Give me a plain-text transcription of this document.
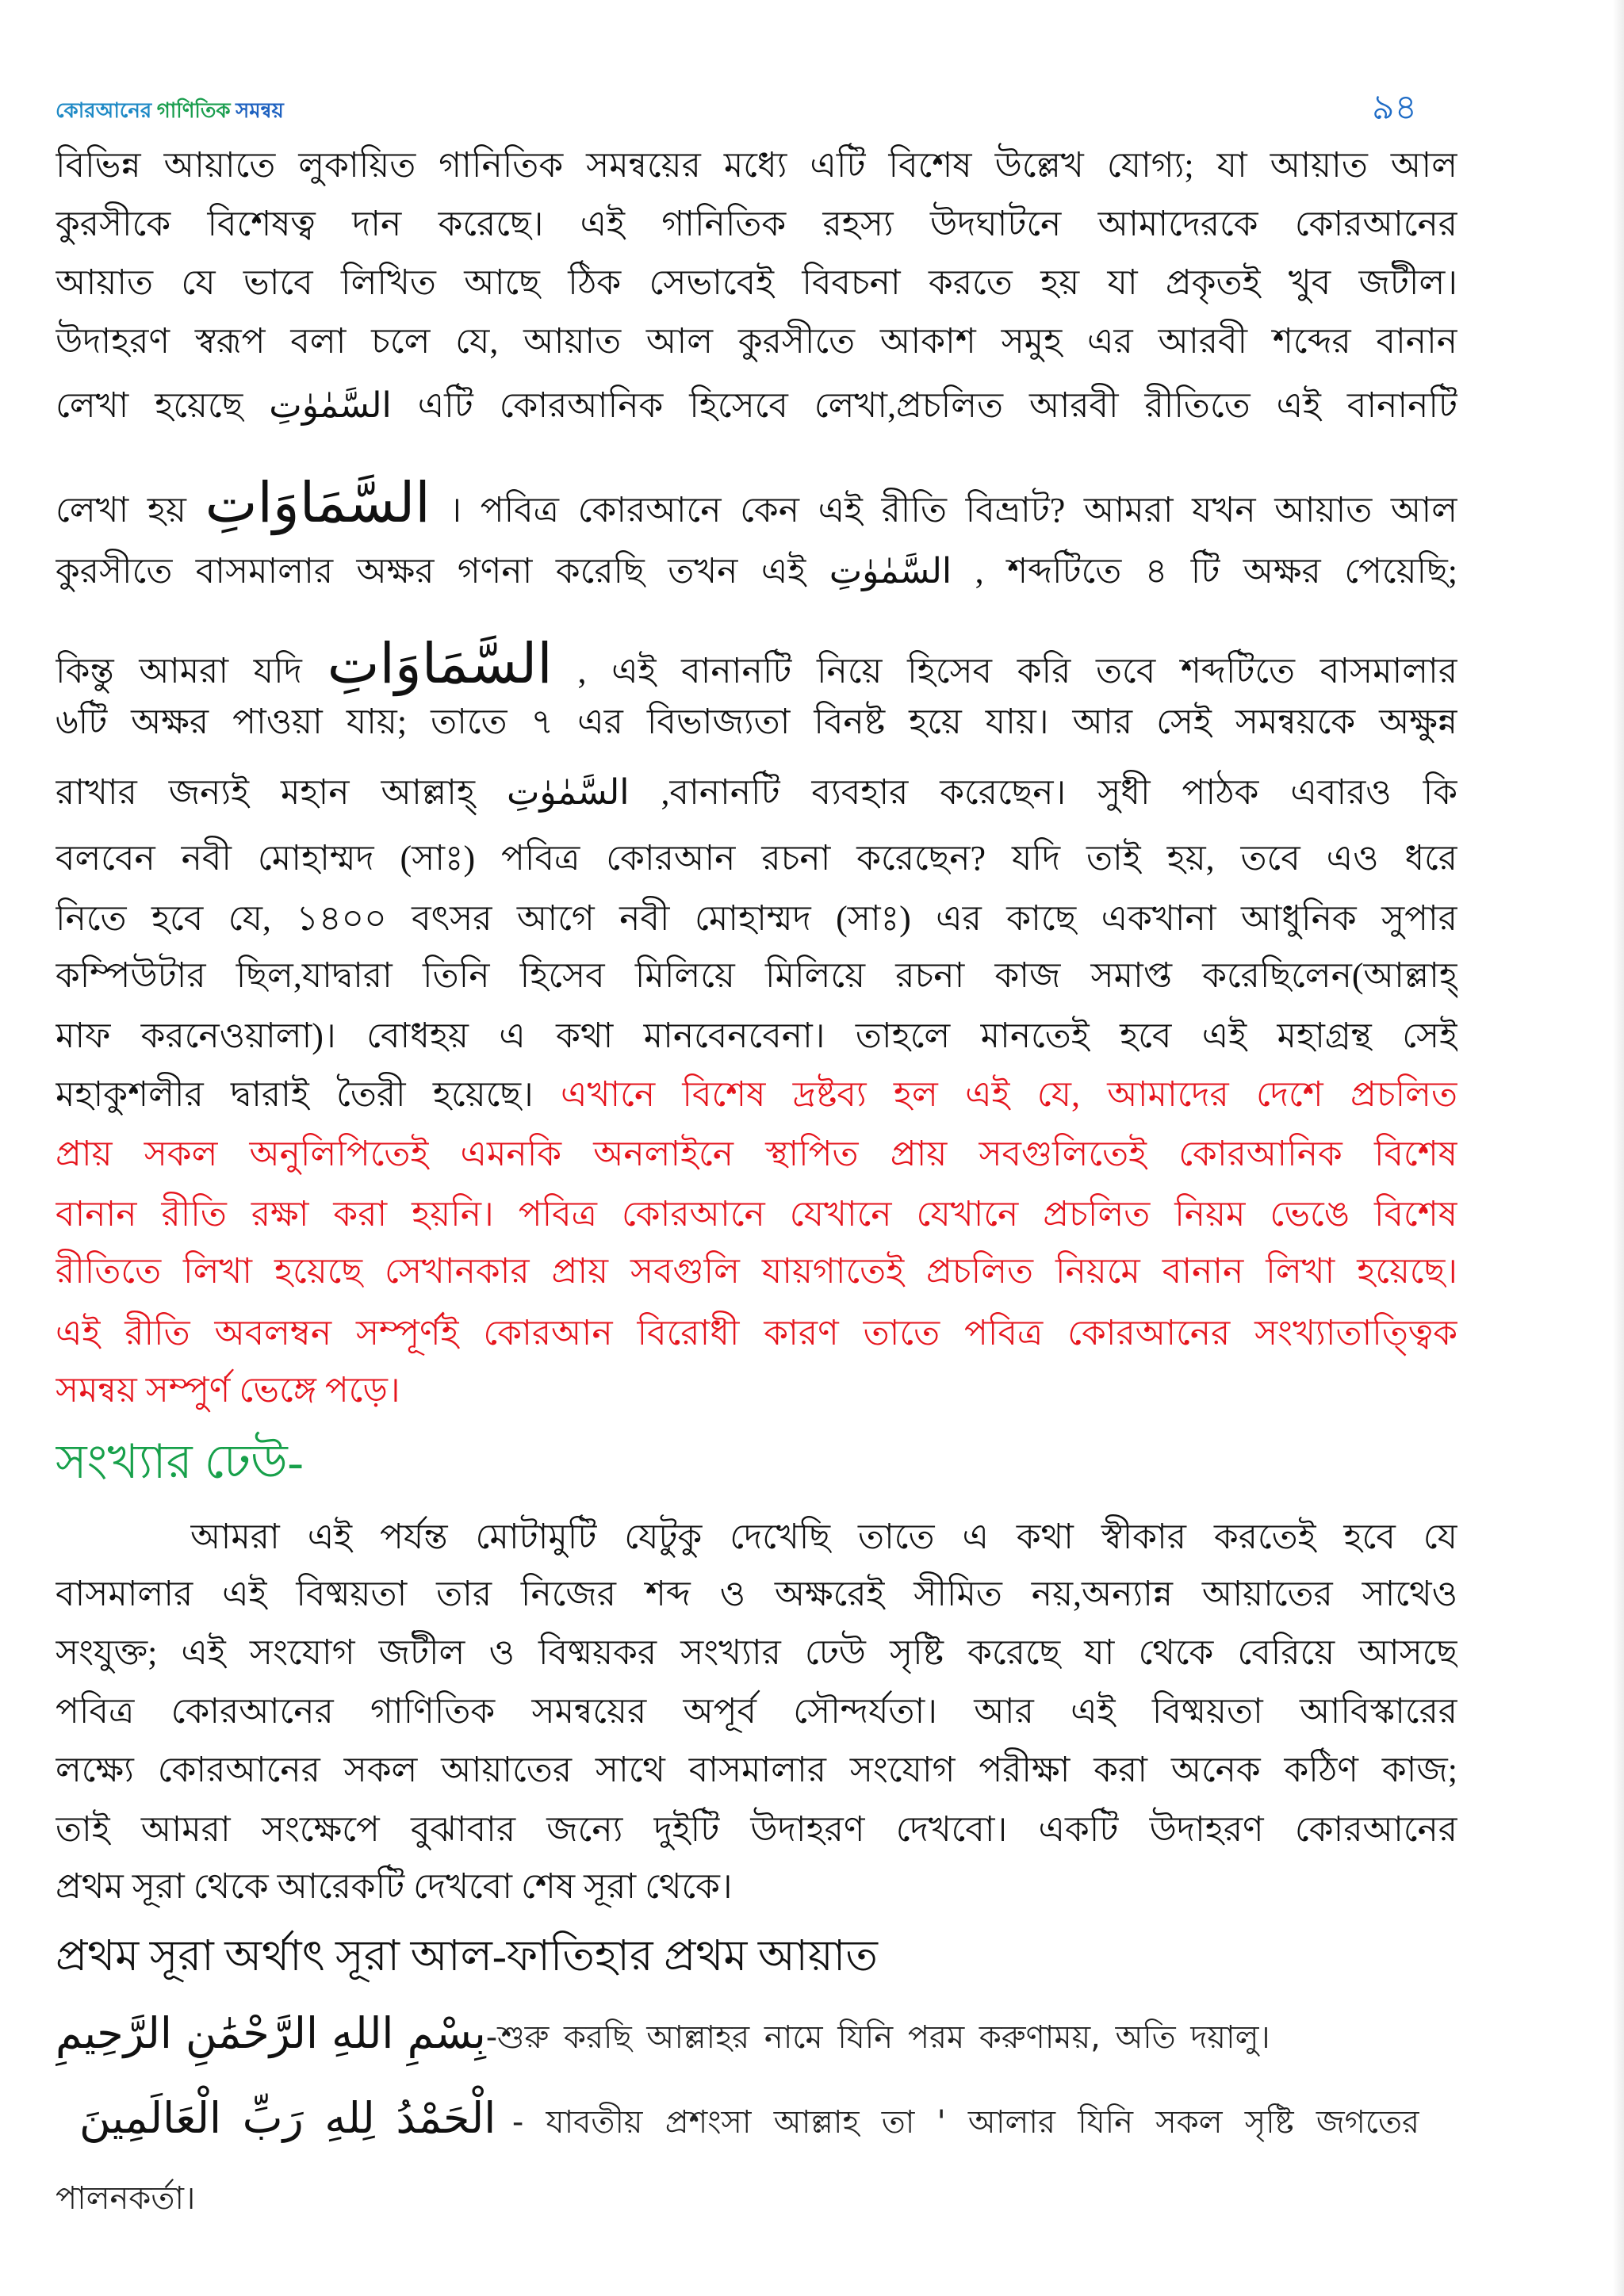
কোরআনের গাণিতিক সমন্বয়	৯৪
বিভিন্ন আয়াতে লুকায়িত গানিতিক সমন্বয়ের মধ্যে এটি বিশেষ উল্লেখ যোগ্য; যা আয়াত আল
কুরসীকে বিশেষত্ব দান করেছে। এই গানিতিক রহস্য উদঘাটনে আমাদেরকে কোরআনের
আয়াত যে ভাবে লিখিত আছে ঠিক সেভাবেই বিবচনা করতে হয় যা প্রকৃতই খুব জটীল।
উদাহরণ স্বরূপ বলা চলে যে, আয়াত আল কুরসীতে আকাশ সমুহ এর আরবী শব্দের বানান
লেখা হয়েছে السَّمٰوٰتِ এটি কোরআনিক হিসেবে লেখা,প্রচলিত আরবী রীতিতে এই বানানটি
লেখা হয় السَّمَاوَاتِ । পবিত্র কোরআনে কেন এই রীতি বিভ্রাট? আমরা যখন আয়াত আল
কুরসীতে বাসমালার অক্ষর গণনা করেছি তখন এই السَّمٰوٰتِ , শব্দটিতে ৪ টি অক্ষর পেয়েছি;
কিন্তু আমরা যদি السَّمَاوَاتِ , এই বানানটি নিয়ে হিসেব করি তবে শব্দটিতে বাসমালার
৬টি অক্ষর পাওয়া যায়; তাতে ৭ এর বিভাজ্যতা বিনষ্ট হয়ে যায়। আর সেই সমন্বয়কে অক্ষুন্ন
রাখার জন্যই মহান আল্লাহ্ السَّمٰوٰتِ ,বানানটি ব্যবহার করেছেন। সুধী পাঠক এবারও কি
বলবেন নবী মোহাম্মদ (সাঃ) পবিত্র কোরআন রচনা করেছেন? যদি তাই হয়, তবে এও ধরে
নিতে হবে যে, ১৪০০ বৎসর আগে নবী মোহাম্মদ (সাঃ) এর কাছে একখানা আধুনিক সুপার
কম্পিউটার ছিল,যাদ্বারা তিনি হিসেব মিলিয়ে মিলিয়ে রচনা কাজ সমাপ্ত করেছিলেন(আল্লাহ্
মাফ করনেওয়ালা)। বোধহয় এ কথা মানবেনবেনা। তাহলে মানতেই হবে এই মহাগ্রন্থ সেই
মহাকুশলীর দ্বারাই তৈরী হয়েছে। এখানে বিশেষ দ্রষ্টব্য হল এই যে, আমাদের দেশে প্রচলিত
প্রায় সকল অনুলিপিতেই এমনকি অনলাইনে স্থাপিত প্রায় সবগুলিতেই কোরআনিক বিশেষ
বানান রীতি রক্ষা করা হয়নি। পবিত্র কোরআনে যেখানে যেখানে প্রচলিত নিয়ম ভেঙে বিশেষ
রীতিতে লিখা হয়েছে সেখানকার প্রায় সবগুলি যায়গাতেই প্রচলিত নিয়মে বানান লিখা হয়েছে।
এই রীতি অবলম্বন সম্পূর্ণই কোরআন বিরোধী কারণ তাতে পবিত্র কোরআনের সংখ্যাতাত্ত্বিক
সমন্বয় সম্পুর্ণ ভেঙ্গে পড়ে।
সংখ্যার ঢেউ-
আমরা এই পর্যন্ত মোটামুটি যেটুকু দেখেছি তাতে এ কথা স্বীকার করতেই হবে যে
বাসমালার এই বিষ্ময়তা তার নিজের শব্দ ও অক্ষরেই সীমিত নয়,অন্যান্ন আয়াতের সাথেও
সংযুক্ত; এই সংযোগ জটীল ও বিষ্ময়কর সংখ্যার ঢেউ সৃষ্টি করেছে যা থেকে বেরিয়ে আসছে
পবিত্র কোরআনের গাণিতিক সমন্বয়ের অপূর্ব সৌন্দর্যতা। আর এই বিষ্ময়তা আবিস্কারের
লক্ষ্যে কোরআনের সকল আয়াতের সাথে বাসমালার সংযোগ পরীক্ষা করা অনেক কঠিণ কাজ;
তাই আমরা সংক্ষেপে বুঝাবার জন্যে দুইটি উদাহরণ দেখবো। একটি উদাহরণ কোরআনের
প্রথম সূরা থেকে আরেকটি দেখবো শেষ সূরা থেকে।
প্রথম সূরা অর্থাৎ সূরা আল-ফাতিহার প্রথম আয়াত
بِسْمِ اللهِ الرَّحْمَٰنِ الرَّحِيمِ-শুরু করছি আল্লাহর নামে যিনি পরম করুণাময়, অতি দয়ালু।
الْحَمْدُ لِلهِ رَبِّ الْعَالَمِينَ - যাবতীয় প্রশংসা আল্লাহ তা ' আলার যিনি সকল সৃষ্টি জগতের
পালনকর্তা।
